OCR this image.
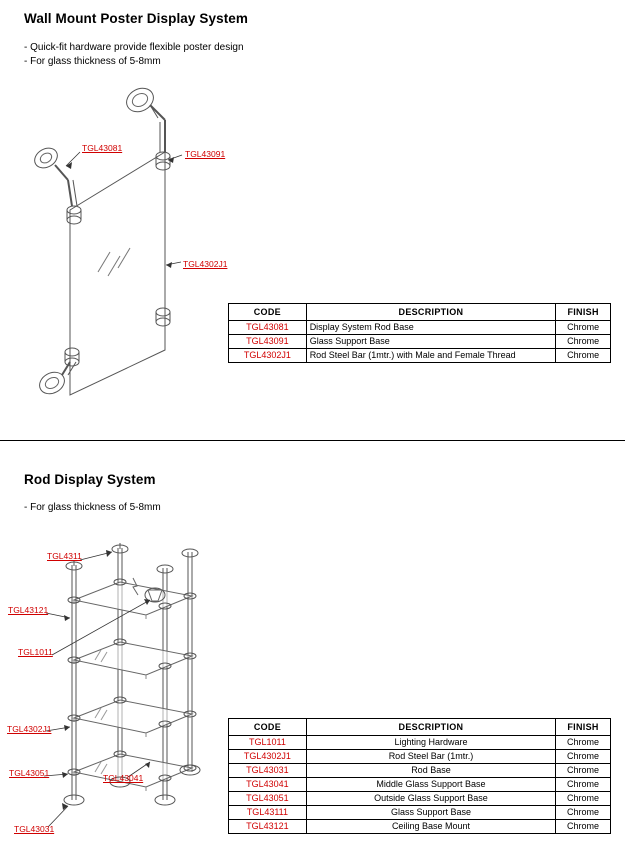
Wall Mount Poster Display System
- Quick-fit hardware provide flexible poster design
- For glass thickness of 5-8mm
TGL43081
TGL43091
TGL4302J1
CODE	DESCRIPTION	FINISH
TGL43081	Display System Rod Base	Chrome
TGL43091	Glass Support Base	Chrome
TGL4302J1	Rod Steel Bar (1mtr.) with Male and Female Thread	Chrome
Rod Display System
- For glass thickness of 5-8mm
TGL4311
TGL43121
TGL1011
TGL4302J1
TGL43051	TGL43041
TGL43031
CODE	DESCRIPTION	FINISH
TGL1011	Lighting Hardware	Chrome
TGL4302J1	Rod Steel Bar (1mtr.)	Chrome
TGL43031	Rod Base	Chrome
TGL43041	Middle Glass Support Base	Chrome
TGL43051	Outside Glass Support Base	Chrome
TGL43111	Glass Support Base	Chrome
TGL43121	Ceiling Base Mount	Chrome
